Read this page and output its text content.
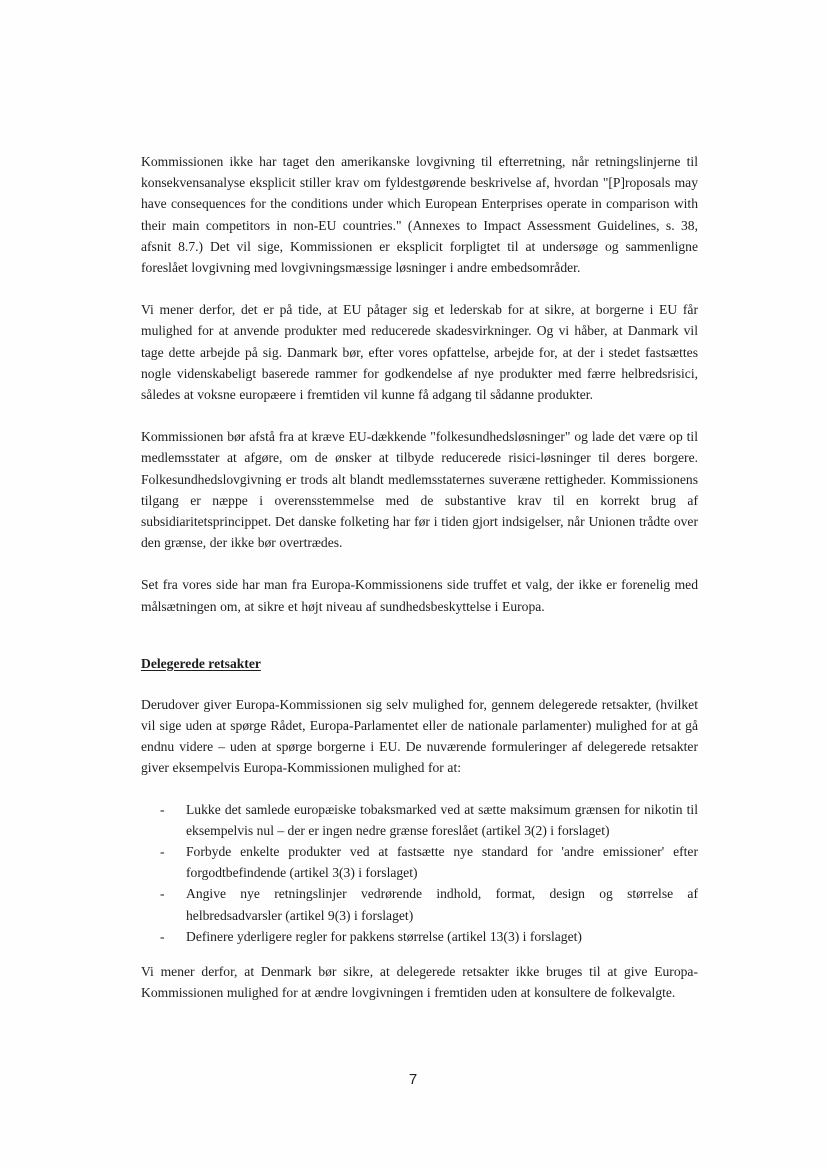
Kommissionen ikke har taget den amerikanske lovgivning til efterretning, når retningslinjerne til konsekvensanalyse eksplicit stiller krav om fyldestgørende beskrivelse af, hvordan "[P]roposals may have consequences for the conditions under which European Enterprises operate in comparison with their main competitors in non-EU countries." (Annexes to Impact Assessment Guidelines, s. 38, afsnit 8.7.) Det vil sige, Kommissionen er eksplicit forpligtet til at undersøge og sammenligne foreslået lovgivning med lovgivningsmæssige løsninger i andre embedsområder.

Vi mener derfor, det er på tide, at EU påtager sig et lederskab for at sikre, at borgerne i EU får mulighed for at anvende produkter med reducerede skadesvirkninger. Og vi håber, at Danmark vil tage dette arbejde på sig. Danmark bør, efter vores opfattelse, arbejde for, at der i stedet fastsættes nogle videnskabeligt baserede rammer for godkendelse af nye produkter med færre helbredsrisici, således at voksne europæere i fremtiden vil kunne få adgang til sådanne produkter.

Kommissionen bør afstå fra at kræve EU-dækkende "folkesundhedsløsninger" og lade det være op til medlemsstater at afgøre, om de ønsker at tilbyde reducerede risici-løsninger til deres borgere. Folkesundhedslovgivning er trods alt blandt medlemsstaternes suveræne rettigheder. Kommissionens tilgang er næppe i overensstemmelse med de substantive krav til en korrekt brug af subsidiaritetsprincippet. Det danske folketing har før i tiden gjort indsigelser, når Unionen trådte over den grænse, der ikke bør overtrædes.

Set fra vores side har man fra Europa-Kommissionens side truffet et valg, der ikke er forenelig med målsætningen om, at sikre et højt niveau af sundhedsbeskyttelse i Europa.

Delegerede retsakter

Derudover giver Europa-Kommissionen sig selv mulighed for, gennem delegerede retsakter, (hvilket vil sige uden at spørge Rådet, Europa-Parlamentet eller de nationale parlamenter) mulighed for at gå endnu videre – uden at spørge borgerne i EU. De nuværende formuleringer af delegerede retsakter giver eksempelvis Europa-Kommissionen mulighed for at:

- Lukke det samlede europæiske tobaksmarked ved at sætte maksimum grænsen for nikotin til eksempelvis nul – der er ingen nedre grænse foreslået (artikel 3(2) i forslaget)
- Forbyde enkelte produkter ved at fastsætte nye standard for 'andre emissioner' efter forgodtbefindende (artikel 3(3) i forslaget)
- Angive nye retningslinjer vedrørende indhold, format, design og størrelse af helbredsadvarsler (artikel 9(3) i forslaget)
- Definere yderligere regler for pakkens størrelse (artikel 13(3) i forslaget)

Vi mener derfor, at Denmark bør sikre, at delegerede retsakter ikke bruges til at give Europa-Kommissionen mulighed for at ændre lovgivningen i fremtiden uden at konsultere de folkevalgte.

7
